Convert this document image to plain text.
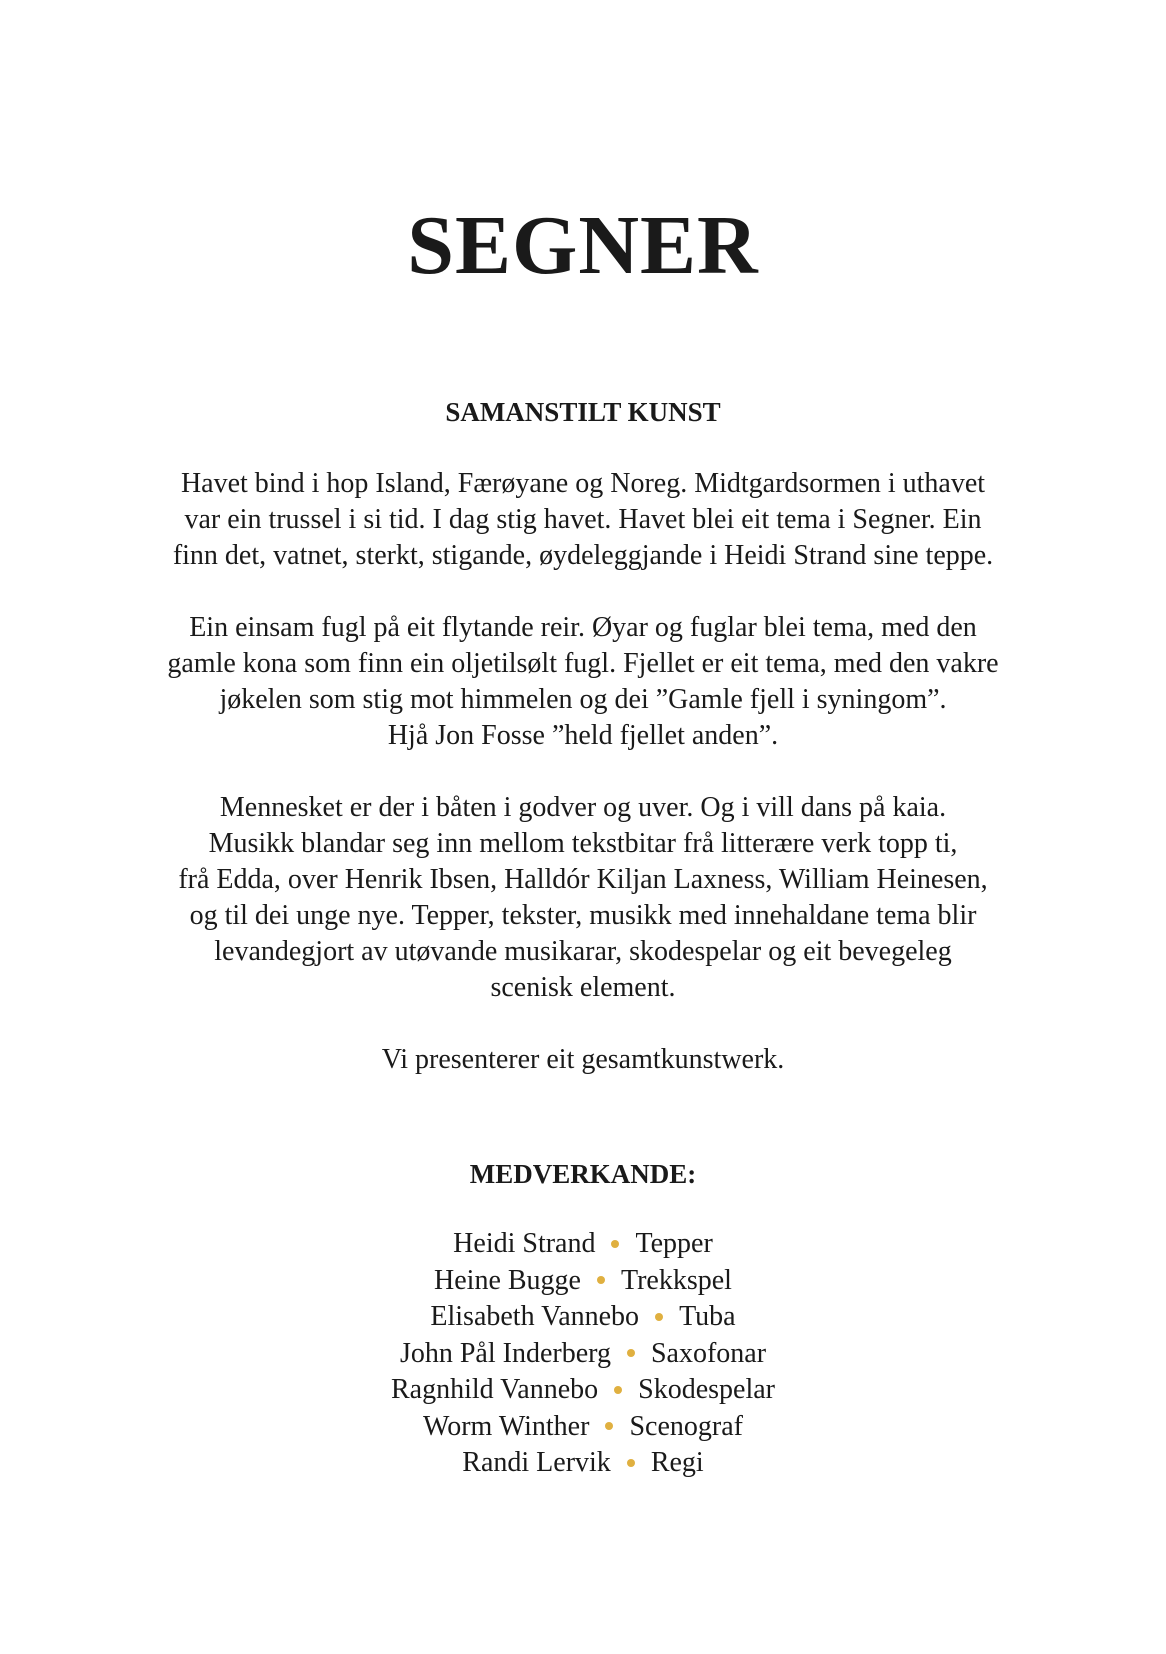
SEGNER
SAMANSTILT KUNST

Havet bind i hop Island, Færøyane og Noreg. Midtgardsormen i uthavet
var ein trussel i si tid. I dag stig havet. Havet blei eit tema i Segner. Ein
finn det, vatnet, sterkt, stigande, øydeleggjande i Heidi Strand sine teppe.

Ein einsam fugl på eit flytande reir. Øyar og fuglar blei tema, med den
gamle kona som finn ein oljetilsølt fugl. Fjellet er eit tema, med den vakre
jøkelen som stig mot himmelen og dei ”Gamle fjell i syningom”.
Hjå Jon Fosse ”held fjellet anden”.

Mennesket er der i båten i godver og uver. Og i vill dans på kaia.
Musikk blandar seg inn mellom tekstbitar frå litterære verk topp ti,
frå Edda, over Henrik Ibsen, Halldór Kiljan Laxness, William Heinesen,
og til dei unge nye. Tepper, tekster, musikk med innehaldane tema blir
levandegjort av utøvande musikarar, skodespelar og eit bevegeleg
scenisk element.

Vi presenterer eit gesamtkunstwerk.

MEDVERKANDE:
Heidi Strand Tepper
Heine Bugge Trekkspel
Elisabeth Vannebo Tuba
John Pål Inderberg Saxofonar
Ragnhild Vannebo Skodespelar
Worm Winther Scenograf
Randi Lervik Regi
